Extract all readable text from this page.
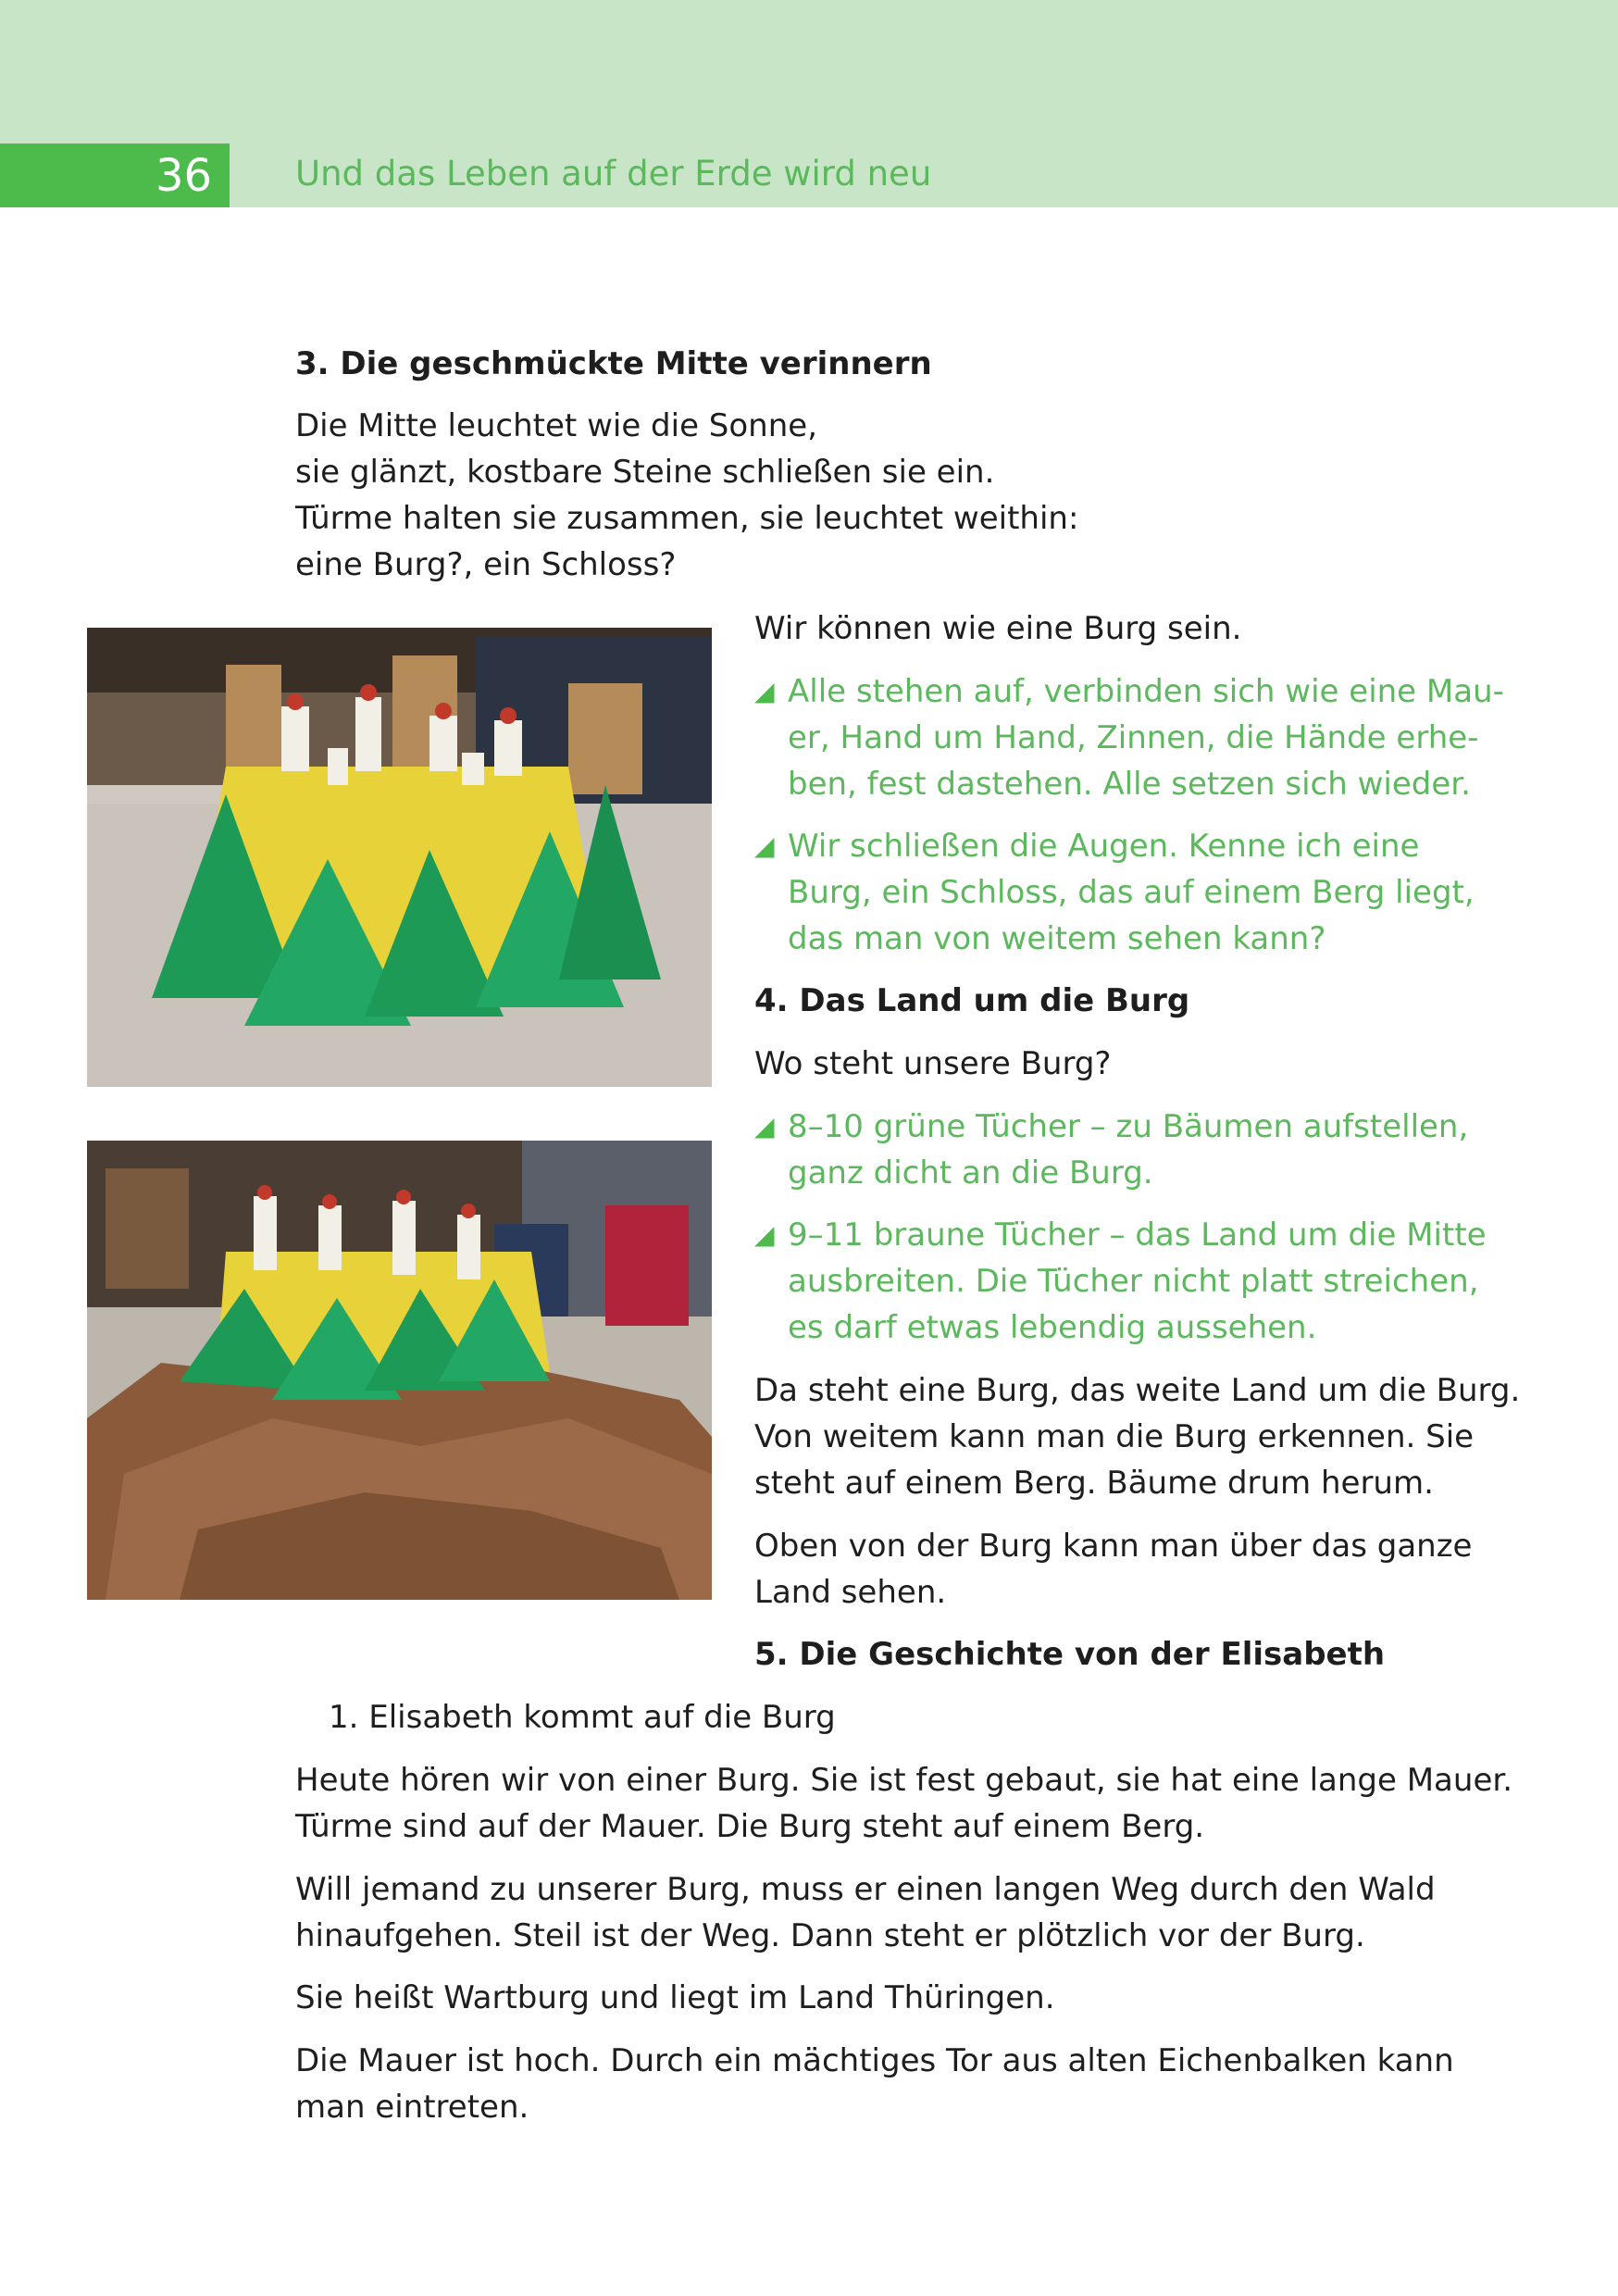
36 Und das Leben auf der Erde wird neu
3. Die geschmückte Mitte verinnern
Die Mitte leuchtet wie die Sonne,
sie glänzt, kostbare Steine schließen sie ein.
Türme halten sie zusammen, sie leuchtet weithin:
eine Burg?, ein Schloss?
Wir können wie eine Burg sein.
◢ Alle stehen auf, verbinden sich wie eine Mau-
er, Hand um Hand, Zinnen, die Hände erhe-
ben, fest dastehen. Alle setzen sich wieder.
◢ Wir schließen die Augen. Kenne ich eine
Burg, ein Schloss, das auf einem Berg liegt,
das man von weitem sehen kann?
4. Das Land um die Burg
Wo steht unsere Burg?
◢ 8–10 grüne Tücher – zu Bäumen aufstellen,
ganz dicht an die Burg.
◢ 9–11 braune Tücher – das Land um die Mitte
ausbreiten. Die Tücher nicht platt streichen,
es darf etwas lebendig aussehen.
Da steht eine Burg, das weite Land um die Burg.
Von weitem kann man die Burg erkennen. Sie
steht auf einem Berg. Bäume drum herum.
Oben von der Burg kann man über das ganze
Land sehen.
5. Die Geschichte von der Elisabeth
1. Elisabeth kommt auf die Burg
Heute hören wir von einer Burg. Sie ist fest gebaut, sie hat eine lange Mauer.
Türme sind auf der Mauer. Die Burg steht auf einem Berg.
Will jemand zu unserer Burg, muss er einen langen Weg durch den Wald
hinaufgehen. Steil ist der Weg. Dann steht er plötzlich vor der Burg.
Sie heißt Wartburg und liegt im Land Thüringen.
Die Mauer ist hoch. Durch ein mächtiges Tor aus alten Eichenbalken kann
man eintreten.
